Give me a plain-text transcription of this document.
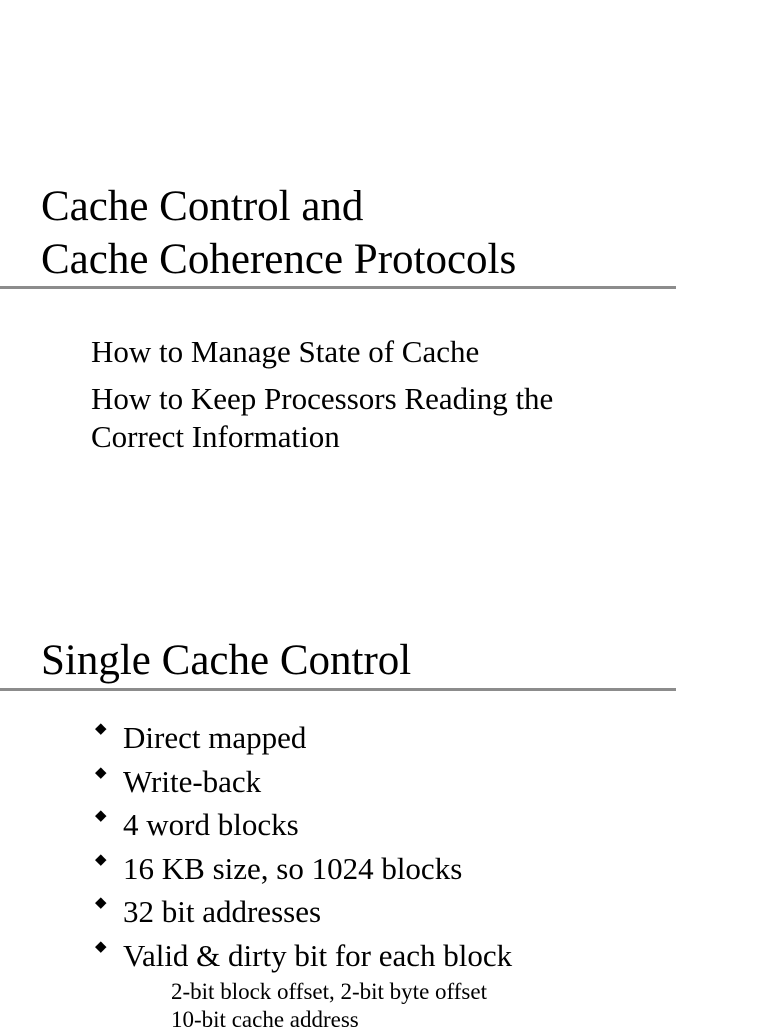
Cache Control and
Cache Coherence Protocols

How to Manage State of Cache

How to Keep Processors Reading the

Correct Information

Single Cache Control
◆ Direct mapped
◆ Write-back
◆ 4 word blocks
◆ 16 KB size, so 1024 blocks
◆ 32 bit addresses
◆ Valid & dirty bit for each block
2-bit block offset, 2-bit byte offset
10-bit cache address
